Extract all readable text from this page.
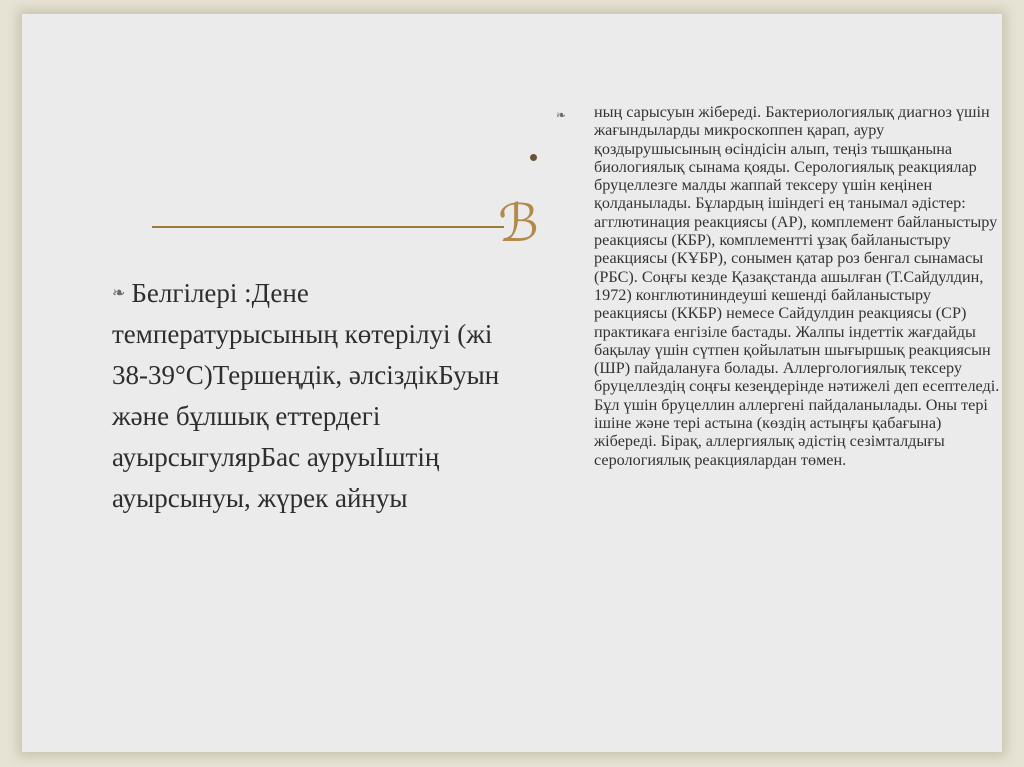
ℬ
❧ Белгілері :Дене температурысының көтерілуі (жі 38-39°С)Тершеңдік, әлсіздікБуын және бұлшық еттердегі ауырсыгулярБас ауруыІштің ауырсынуы, жүрек айнуы
❧ ның сарысуын жібереді. Бактериологиялық диагноз үшін жағындыларды микроскоппен қарап, ауру қоздырушысының өсіндісін алып, теңіз тышқанына биологиялық сынама қояды. Серологиялық реакциялар бруцеллезге малды жаппай тексеру үшін кеңінен қолданылады. Бұлардың ішіндегі ең танымал әдістер: агглютинация реакциясы (АР), комплемент байланыстыру реакциясы (КБР), комплементті ұзақ байланыстыру реакциясы (КҰБР), сонымен қатар роз бенгал сынамасы (РБС). Соңғы кезде Қазақстанда ашылған (Т.Сайдулдин, 1972) конглютининдеуші кешенді байланыстыру реакциясы (ККБР) немесе Сайдулдин реакциясы (СР) практикаға енгізіле бастады. Жалпы індеттік жағдайды бақылау үшін сүтпен қойылатын шығыршық реакциясын (ШР) пайдалануға болады. Аллергологиялық тексеру бруцеллездің соңғы кезеңдерінде нәтижелі деп есептеледі. Бұл үшін бруцеллин аллергені пайдаланылады. Оны тері ішіне және тері астына (көздің астыңғы қабағына) жібереді. Бірақ, аллергиялық әдістің сезімталдығы серологиялық реакциялардан төмен.
